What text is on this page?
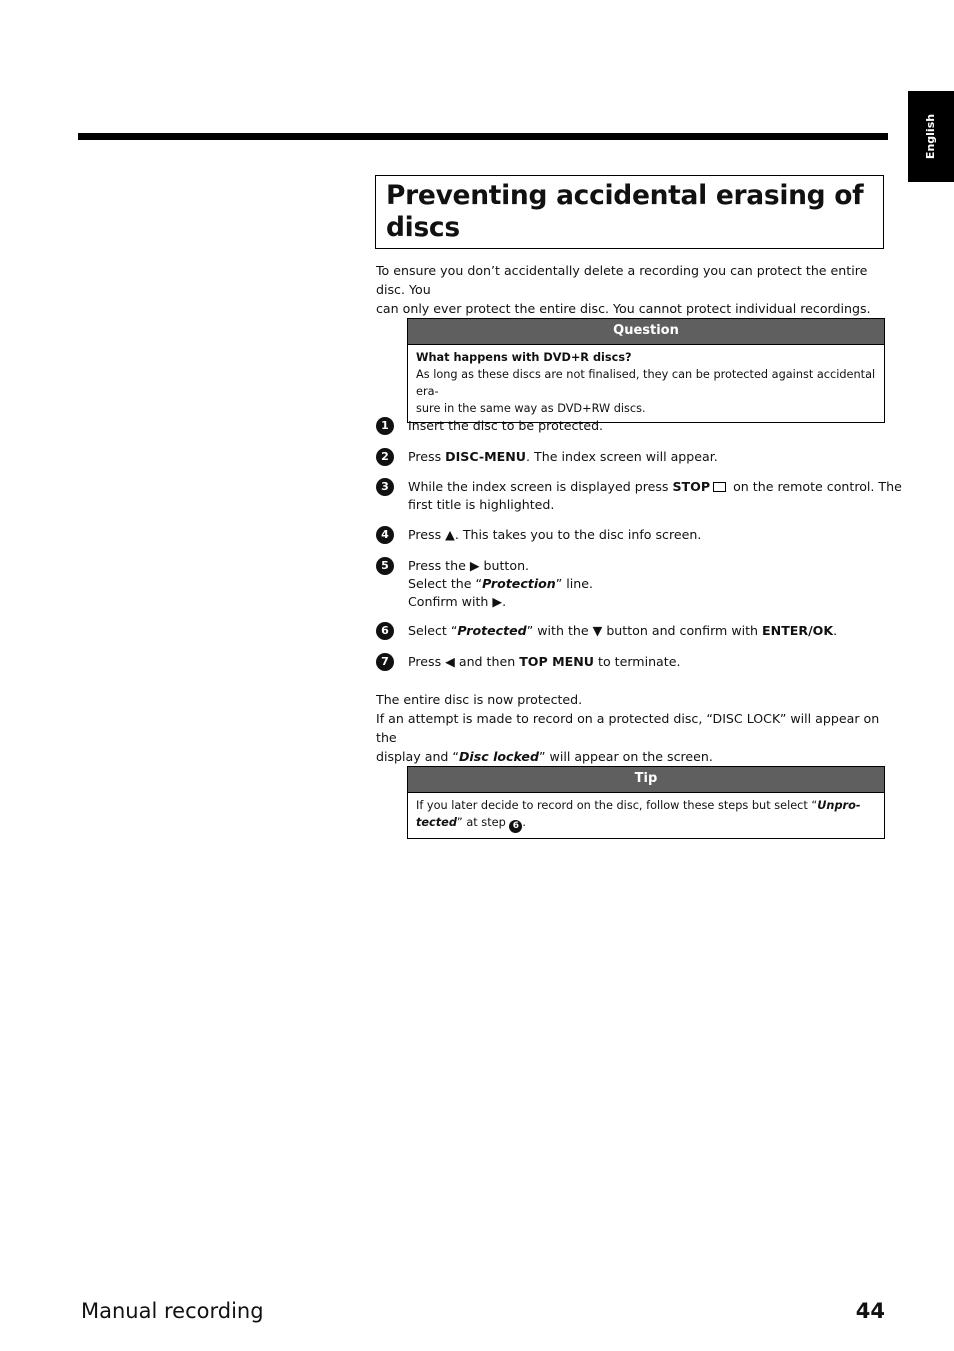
English
Preventing accidental erasing of discs
To ensure you don’t accidentally delete a recording you can protect the entire disc. You
can only ever protect the entire disc. You cannot protect individual recordings.
Question
What happens with DVD+R discs?
As long as these discs are not finalised, they can be protected against accidental era-
sure in the same way as DVD+RW discs.
1	Insert the disc to be protected.
2	Press DISC-MENU. The index screen will appear.
3	While the index screen is displayed press STOP on the remote control. The
first title is highlighted.
4	Press ▲. This takes you to the disc info screen.
5	Press the ▶ button.
Select the “Protection” line.
Confirm with ▶.
6	Select “Protected” with the ▼ button and confirm with ENTER/OK.
7	Press ◀ and then TOP MENU to terminate.
The entire disc is now protected.
If an attempt is made to record on a protected disc, “DISC LOCK” will appear on the
display and “Disc locked” will appear on the screen.
Tip
If you later decide to record on the disc, follow these steps but select “Unpro-
tected” at step 6 .
Manual recording	44
